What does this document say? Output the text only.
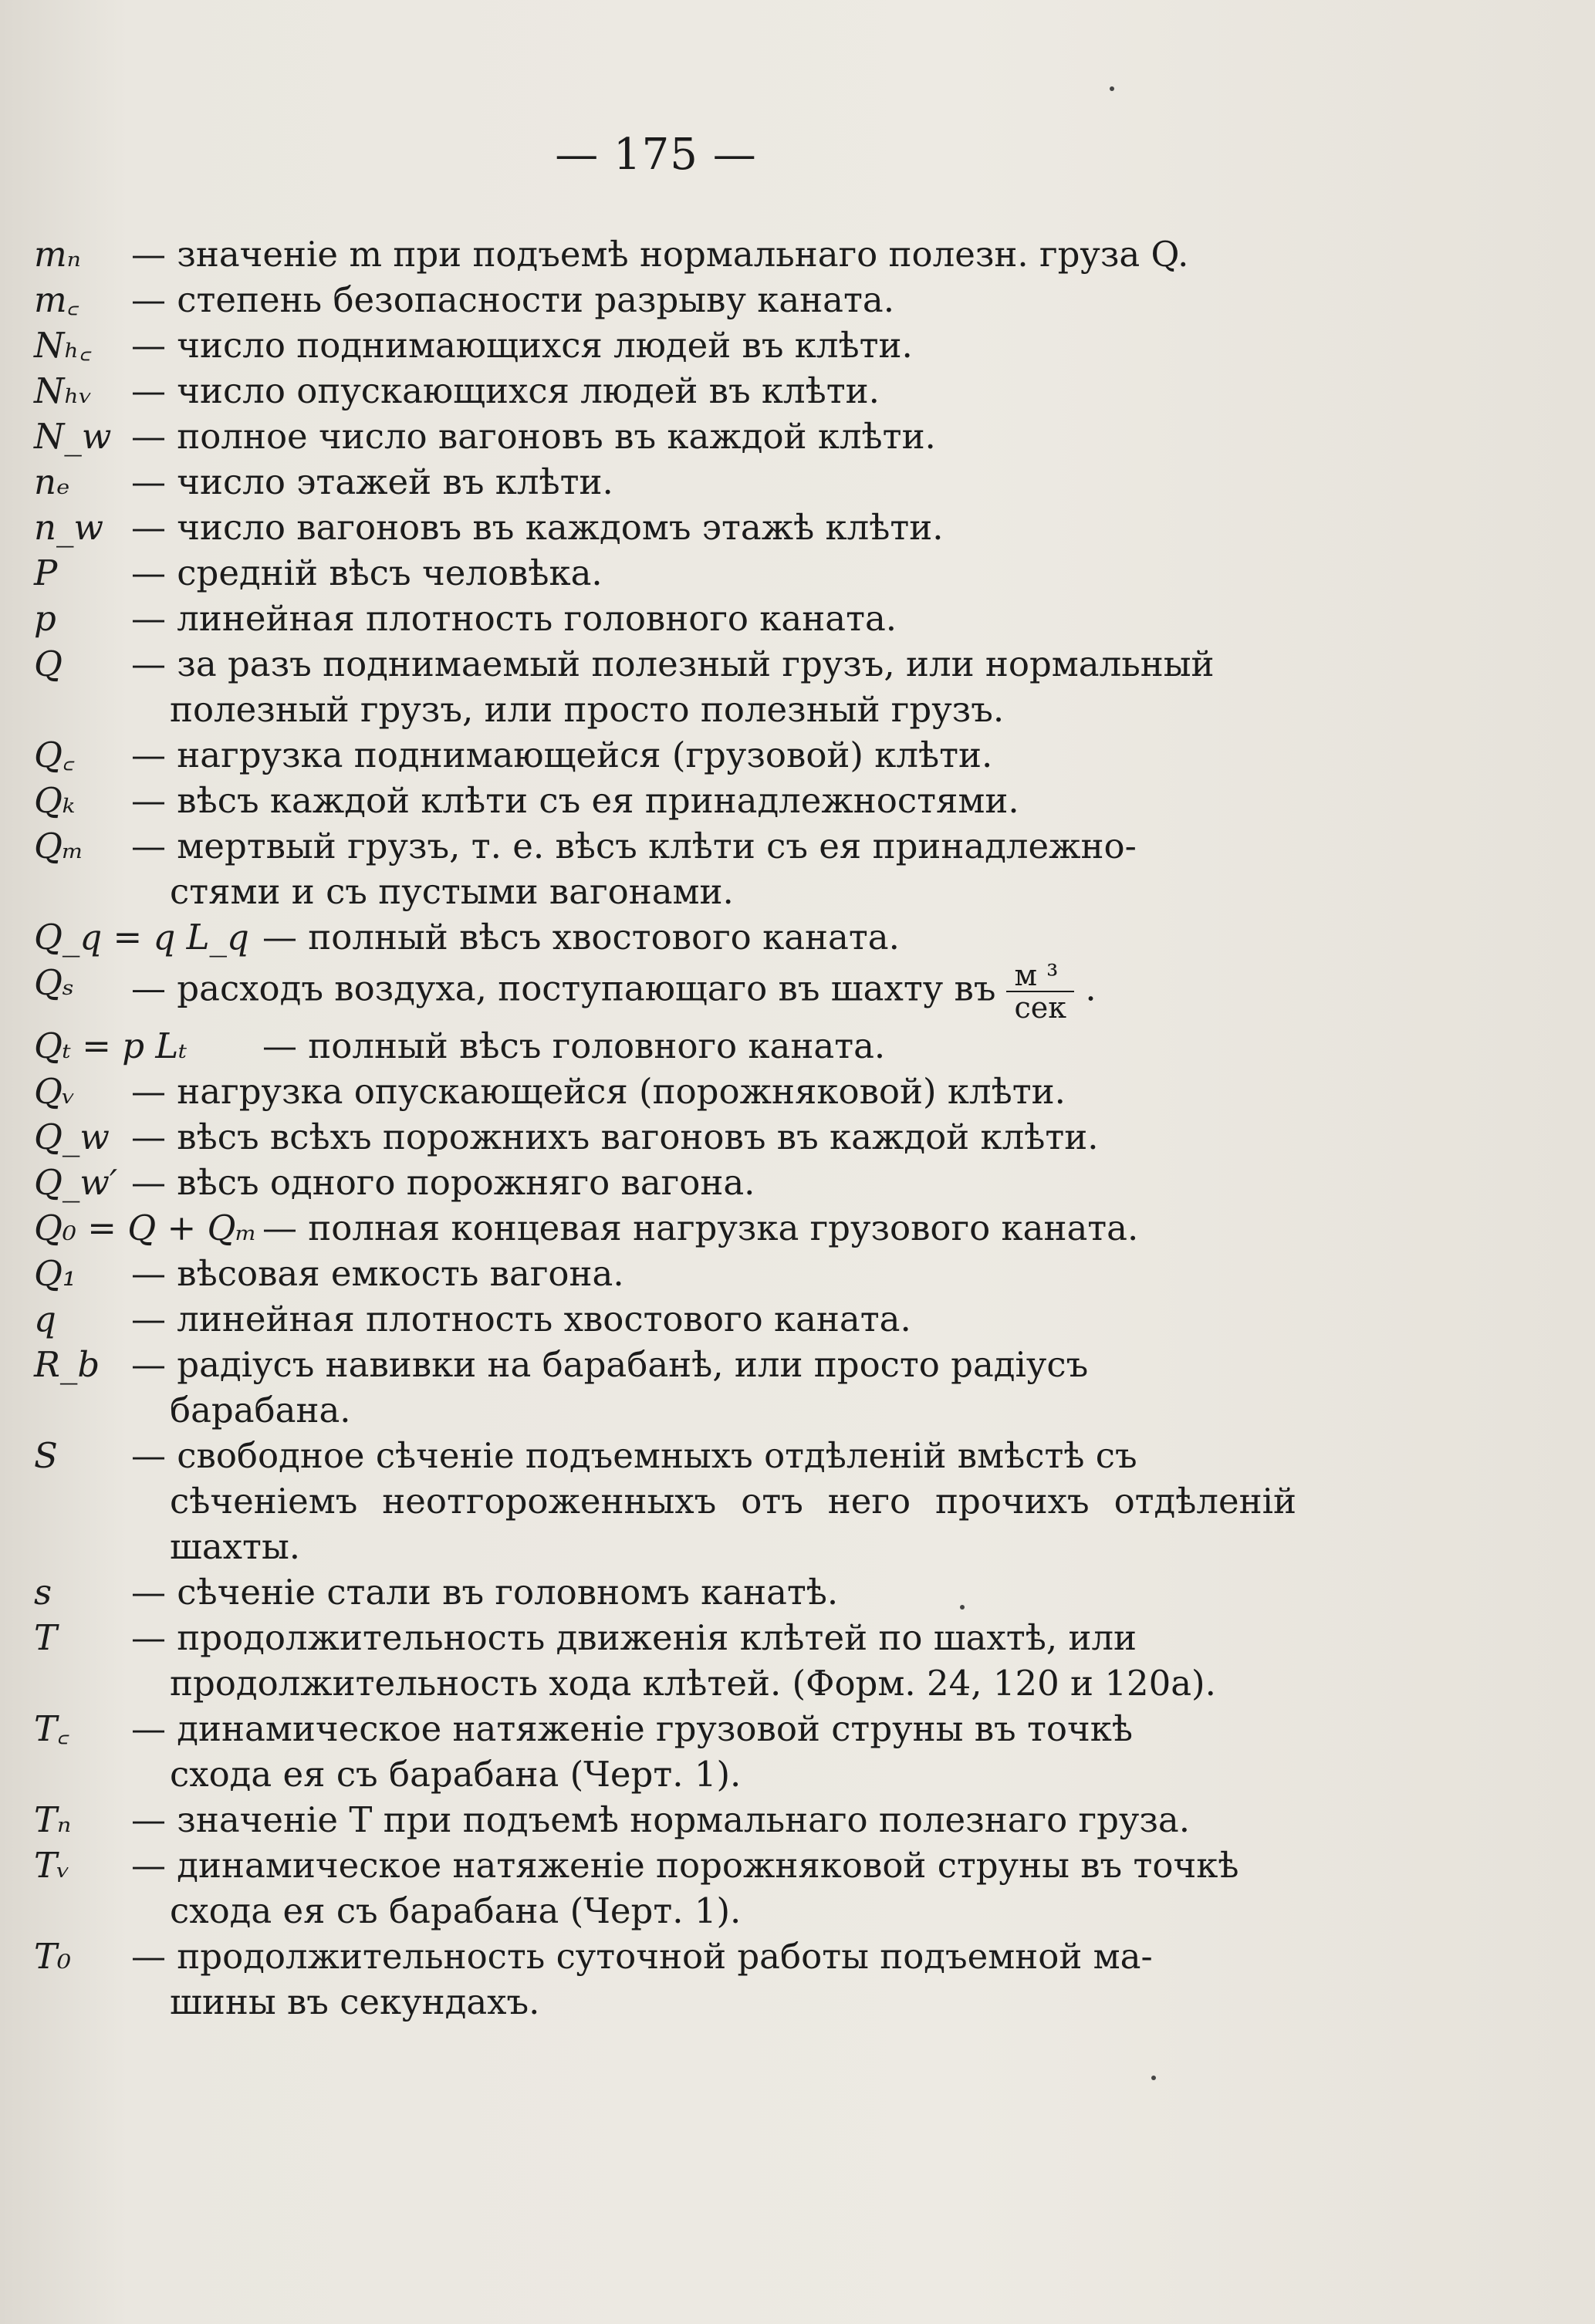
— 175 —
mₙ	— значенiе m при подъемѣ нормальнаго полезн. груза Q.
m꜀	— степень безопасности разрыву каната.
Nₕ꜀	— число поднимающихся людей въ клѣти.
Nₕᵥ	— число опускающихся людей въ клѣти.
N_w — полное число вагоновъ въ каждой клѣти.
nₑ	— число этажей въ клѣти.
n_w — число вагоновъ въ каждомъ этажѣ клѣти.
P	— среднiй вѣсъ человѣка.
p	— линейная плотность головного каната.
Q	— за разъ поднимаемый полезный грузъ, или нормальный
полезный грузъ, или просто полезный грузъ.
Q꜀	— нагрузка поднимающейся (грузовой) клѣти.
Qₖ	— вѣсъ каждой клѣти съ ея принадлежностями.
Qₘ	— мертвый грузъ, т. е. вѣсъ клѣти съ ея принадлежно-
стями и съ пустыми вагонами.
Q_q = q L_q — полный вѣсъ хвостового каната.
Qₛ	— расходъ воздуха, поступающаго въ шахту въ $\frac{\text{м ³}}{\text{сек}}$ .
Qₜ = p Lₜ	— полный вѣсъ головного каната.
Qᵥ	— нагрузка опускающейся (порожняковой) клѣти.
Q_w — вѣсъ всѣхъ порожнихъ вагоновъ въ каждой клѣти.
Q_w′ — вѣсъ одного порожняго вагона.
Q₀ = Q + Qₘ — полная концевая нагрузка грузового каната.
Q₁	— вѣсовая емкость вагона.
q	— линейная плотность хвостового каната.
R_b — радiусъ навивки на барабанѣ, или просто радiусъ
барабана.
S	— свободное сѣченiе подъемныхъ отдѣленiй вмѣстѣ съ
сѣченiемъ неотгороженныхъ отъ него прочихъ отдѣленiй шахты.
s	— сѣченiе стали въ головномъ канатѣ.
T	— продолжительность движенiя клѣтей по шахтѣ, или
продолжительность хода клѣтей. (Форм. 24, 120 и 120а).
T꜀	— динамическое натяженiе грузовой струны въ точкѣ
схода ея съ барабана (Черт. 1).
Tₙ	— значенiе T при подъемѣ нормальнаго полезнаго груза.
Tᵥ	— динамическое натяженiе порожняковой струны въ точкѣ
схода ея съ барабана (Черт. 1).
T₀	— продолжительность суточной работы подъемной ма-
шины въ секундахъ.
